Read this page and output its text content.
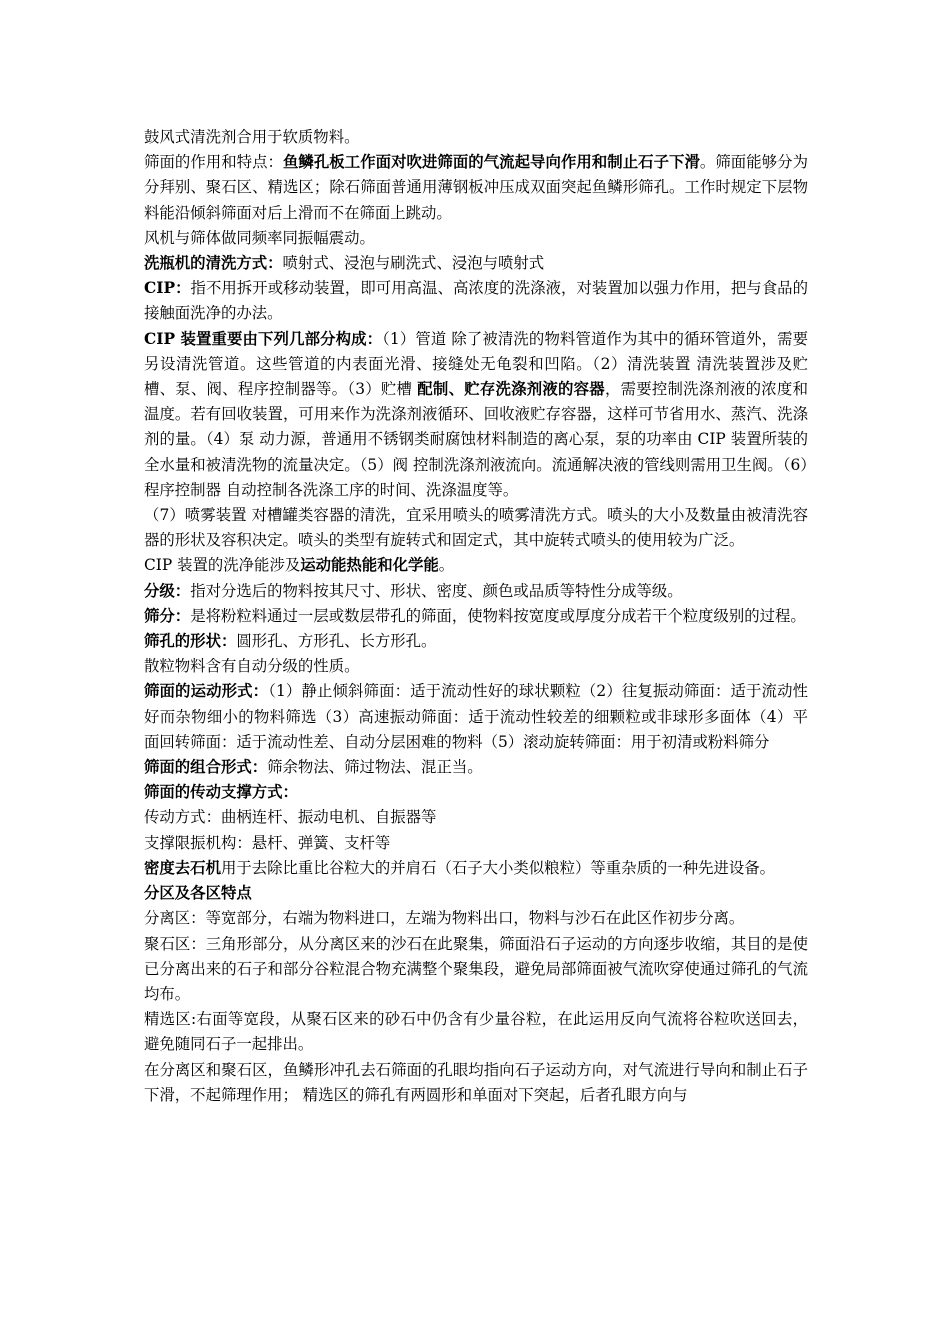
鼓风式清洗剂合用于软质物料。

筛面的作用和特点：鱼鳞孔板工作面对吹进筛面的气流起导向作用和制止石子下滑。筛面能够分为分拜别、聚石区、精选区；除石筛面普通用薄钢板冲压成双面突起鱼鳞形筛孔。工作时规定下层物料能沿倾斜筛面对后上滑而不在筛面上跳动。

风机与筛体做同频率同振幅震动。

洗瓶机的清洗方式：喷射式、浸泡与刷洗式、浸泡与喷射式

CIP：指不用拆开或移动装置，即可用高温、高浓度的洗涤液，对装置加以强力作用，把与食品的接触面洗净的办法。

CIP 装置重要由下列几部分构成：（1）管道 除了被清洗的物料管道作为其中的循环管道外，需要另设清洗管道。这些管道的内表面光滑、接缝处无龟裂和凹陷。（2）清洗装置 清洗装置涉及贮槽、泵、阀、程序控制器等。（3）贮槽 配制、贮存洗涤剂液的容器，需要控制洗涤剂液的浓度和温度。若有回收装置，可用来作为洗涤剂液循环、回收液贮存容器，这样可节省用水、蒸汽、洗涤剂的量。（4）泵 动力源，普通用不锈钢类耐腐蚀材料制造的离心泵，泵的功率由 CIP 装置所装的全水量和被清洗物的流量决定。（5）阀 控制洗涤剂液流向。流通解决液的管线则需用卫生阀。（6）程序控制器 自动控制各洗涤工序的时间、洗涤温度等。

（7）喷雾装置 对槽罐类容器的清洗，宜采用喷头的喷雾清洗方式。喷头的大小及数量由被清洗容器的形状及容积决定。喷头的类型有旋转式和固定式，其中旋转式喷头的使用较为广泛。

CIP 装置的洗净能涉及运动能热能和化学能。

分级：指对分选后的物料按其尺寸、形状、密度、颜色或品质等特性分成等级。

筛分：是将粉粒料通过一层或数层带孔的筛面，使物料按宽度或厚度分成若干个粒度级别的过程。

筛孔的形状：圆形孔、方形孔、长方形孔。

散粒物料含有自动分级的性质。

筛面的运动形式：（1）静止倾斜筛面：适于流动性好的球状颗粒（2）往复振动筛面：适于流动性好而杂物细小的物料筛选（3）高速振动筛面：适于流动性较差的细颗粒或非球形多面体（4）平面回转筛面：适于流动性差、自动分层困难的物料（5）滚动旋转筛面：用于初清或粉料筛分

筛面的组合形式：筛余物法、筛过物法、混正当。

筛面的传动支撑方式：

传动方式：曲柄连杆、振动电机、自振器等

支撑限振机构：悬杆、弹簧、支杆等

密度去石机用于去除比重比谷粒大的并肩石（石子大小类似粮粒）等重杂质的一种先进设备。

分区及各区特点

分离区：等宽部分，右端为物料进口，左端为物料出口，物料与沙石在此区作初步分离。

聚石区：三角形部分，从分离区来的沙石在此聚集，筛面沿石子运动的方向逐步收缩，其目的是使已分离出来的石子和部分谷粒混合物充满整个聚集段，避免局部筛面被气流吹穿使通过筛孔的气流均布。

精选区:右面等宽段，从聚石区来的砂石中仍含有少量谷粒，在此运用反向气流将谷粒吹送回去，避免随同石子一起排出。

在分离区和聚石区，鱼鳞形冲孔去石筛面的孔眼均指向石子运动方向，对气流进行导向和制止石子下滑，不起筛理作用； 精选区的筛孔有两圆形和单面对下突起，后者孔眼方向与
